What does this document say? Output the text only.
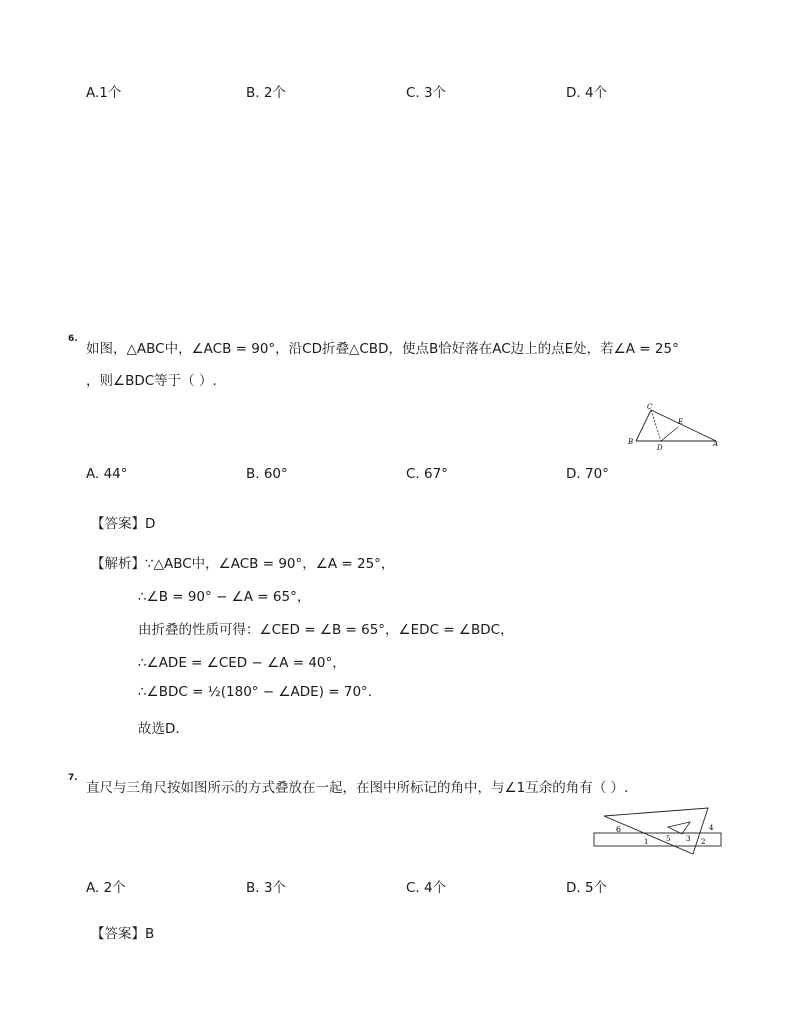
A.1个	B. 2个	C. 3个	D. 4个
6.
如图，△ABC中，∠ACB = 90°，沿CD折叠△CBD，使点B恰好落在AC边上的点E处，若∠A = 25°
，则∠BDC等于（ ）.
C
E
B
D	A
A. 44°	B. 60°	C. 67°	D. 70°
【答案】D
【解析】∵△ABC中，∠ACB = 90°，∠A = 25°，
∴∠B = 90° − ∠A = 65°，
由折叠的性质可得：∠CED = ∠B = 65°，∠EDC = ∠BDC，
∴∠ADE = ∠CED − ∠A = 40°，
∴∠BDC = ½(180° − ∠ADE) = 70°.
故选D.
7.
直尺与三角尺按如图所示的方式叠放在一起，在图中所标记的角中，与∠1互余的角有（ ）.
6
1	5 3
4
2
A. 2个	B. 3个	C. 4个	D. 5个
【答案】B
